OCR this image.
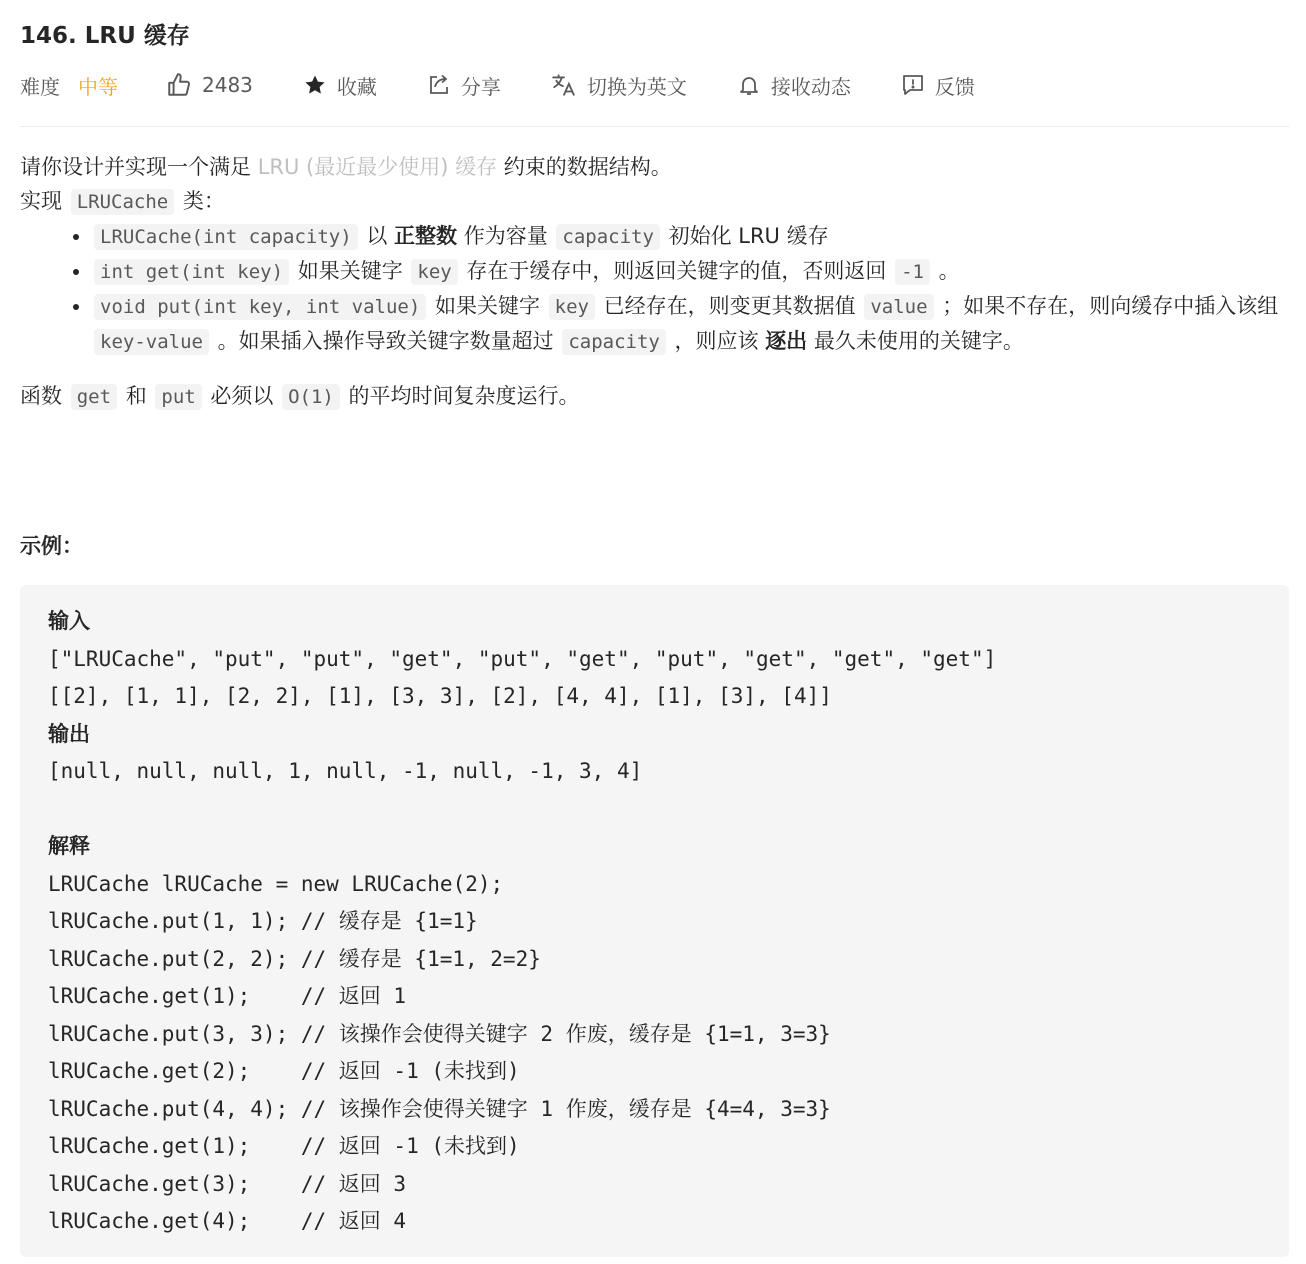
146. LRU 缓存
难度 中等	2483	收藏	分享	切换为英文	接收动态	反馈

请你设计并实现一个满足 LRU (最近最少使用) 缓存 约束的数据结构。

实现 LRUCache 类：

• LRUCache(int capacity) 以 正整数 作为容量 capacity 初始化 LRU 缓存
• int get(int key) 如果关键字 key 存在于缓存中，则返回关键字的值，否则返回 -1 。
• void put(int key, int value) 如果关键字 key 已经存在，则变更其数据值 value ；如果不存在，则向缓存中插入该组 key-value 。如果插入操作导致关键字数量超过 capacity ，则应该 逐出 最久未使用的关键字。

函数 get 和 put 必须以 O(1) 的平均时间复杂度运行。

示例：
输入
["LRUCache", "put", "put", "get", "put", "get", "put", "get", "get", "get"]
[[2], [1, 1], [2, 2], [1], [3, 3], [2], [4, 4], [1], [3], [4]]
输出
[null, null, null, 1, null, -1, null, -1, 3, 4]
解释
LRUCache lRUCache = new LRUCache(2);
lRUCache.put(1, 1); // 缓存是 {1=1}
lRUCache.put(2, 2); // 缓存是 {1=1, 2=2}
lRUCache.get(1);    // 返回 1
lRUCache.put(3, 3); // 该操作会使得关键字 2 作废，缓存是 {1=1, 3=3}
lRUCache.get(2);    // 返回 -1 (未找到)
lRUCache.put(4, 4); // 该操作会使得关键字 1 作废，缓存是 {4=4, 3=3}
lRUCache.get(1);    // 返回 -1 (未找到)
lRUCache.get(3);    // 返回 3
lRUCache.get(4);    // 返回 4
